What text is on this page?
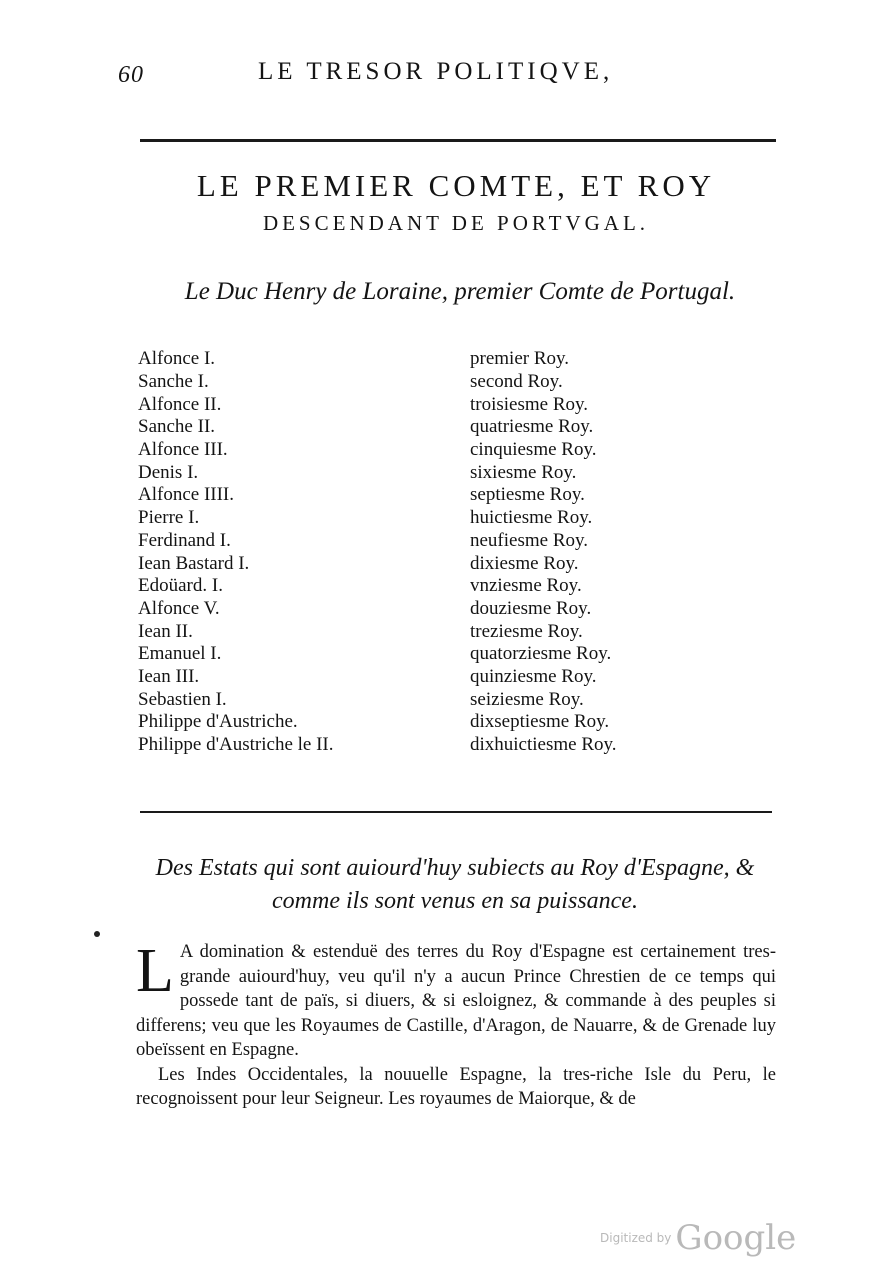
60	LE TRESOR POLITIQVE,
LE PREMIER COMTE, ET ROY
DESCENDANT DE PORTVGAL.
Le Duc Henry de Loraine, premier Comte de Portugal.
Alfonce I.	premier Roy.
Sanche I.	second Roy.
Alfonce II.	troisiesme Roy.
Sanche II.	quatriesme Roy.
Alfonce III.	cinquiesme Roy.
Denis I.	sixiesme Roy.
Alfonce IIII.	septiesme Roy.
Pierre I.	huictiesme Roy.
Ferdinand I.	neufiesme Roy.
Iean Bastard I.	dixiesme Roy.
Edoüard. I.	vnziesme Roy.
Alfonce V.	douziesme Roy.
Iean II.	treziesme Roy.
Emanuel I.	quatorziesme Roy.
Iean III.	quinziesme Roy.
Sebastien I.	seiziesme Roy.
Philippe d'Austriche.	dixseptiesme Roy.
Philippe d'Austriche le II.	dixhuictiesme Roy.
Des Estats qui sont auiourd'huy subiects au Roy d'Espagne, & comme ils sont venus en sa puissance.

L A domination & estenduë des terres du Roy d'Espagne est certainement tres-grande auiourd'huy, veu qu'il n'y a aucun Prince Chrestien de ce temps qui possede tant de païs, si diuers, & si esloignez, & commande à des peuples si differens; veu que les Royaumes de Castille, d'Aragon, de Nauarre, & de Grenade luy obeïssent en Espagne.

Les Indes Occidentales, la nouuelle Espagne, la tres-riche Isle du Peru, le recognoissent pour leur Seigneur. Les royaumes de Maiorque, & de

Digitized by Google
